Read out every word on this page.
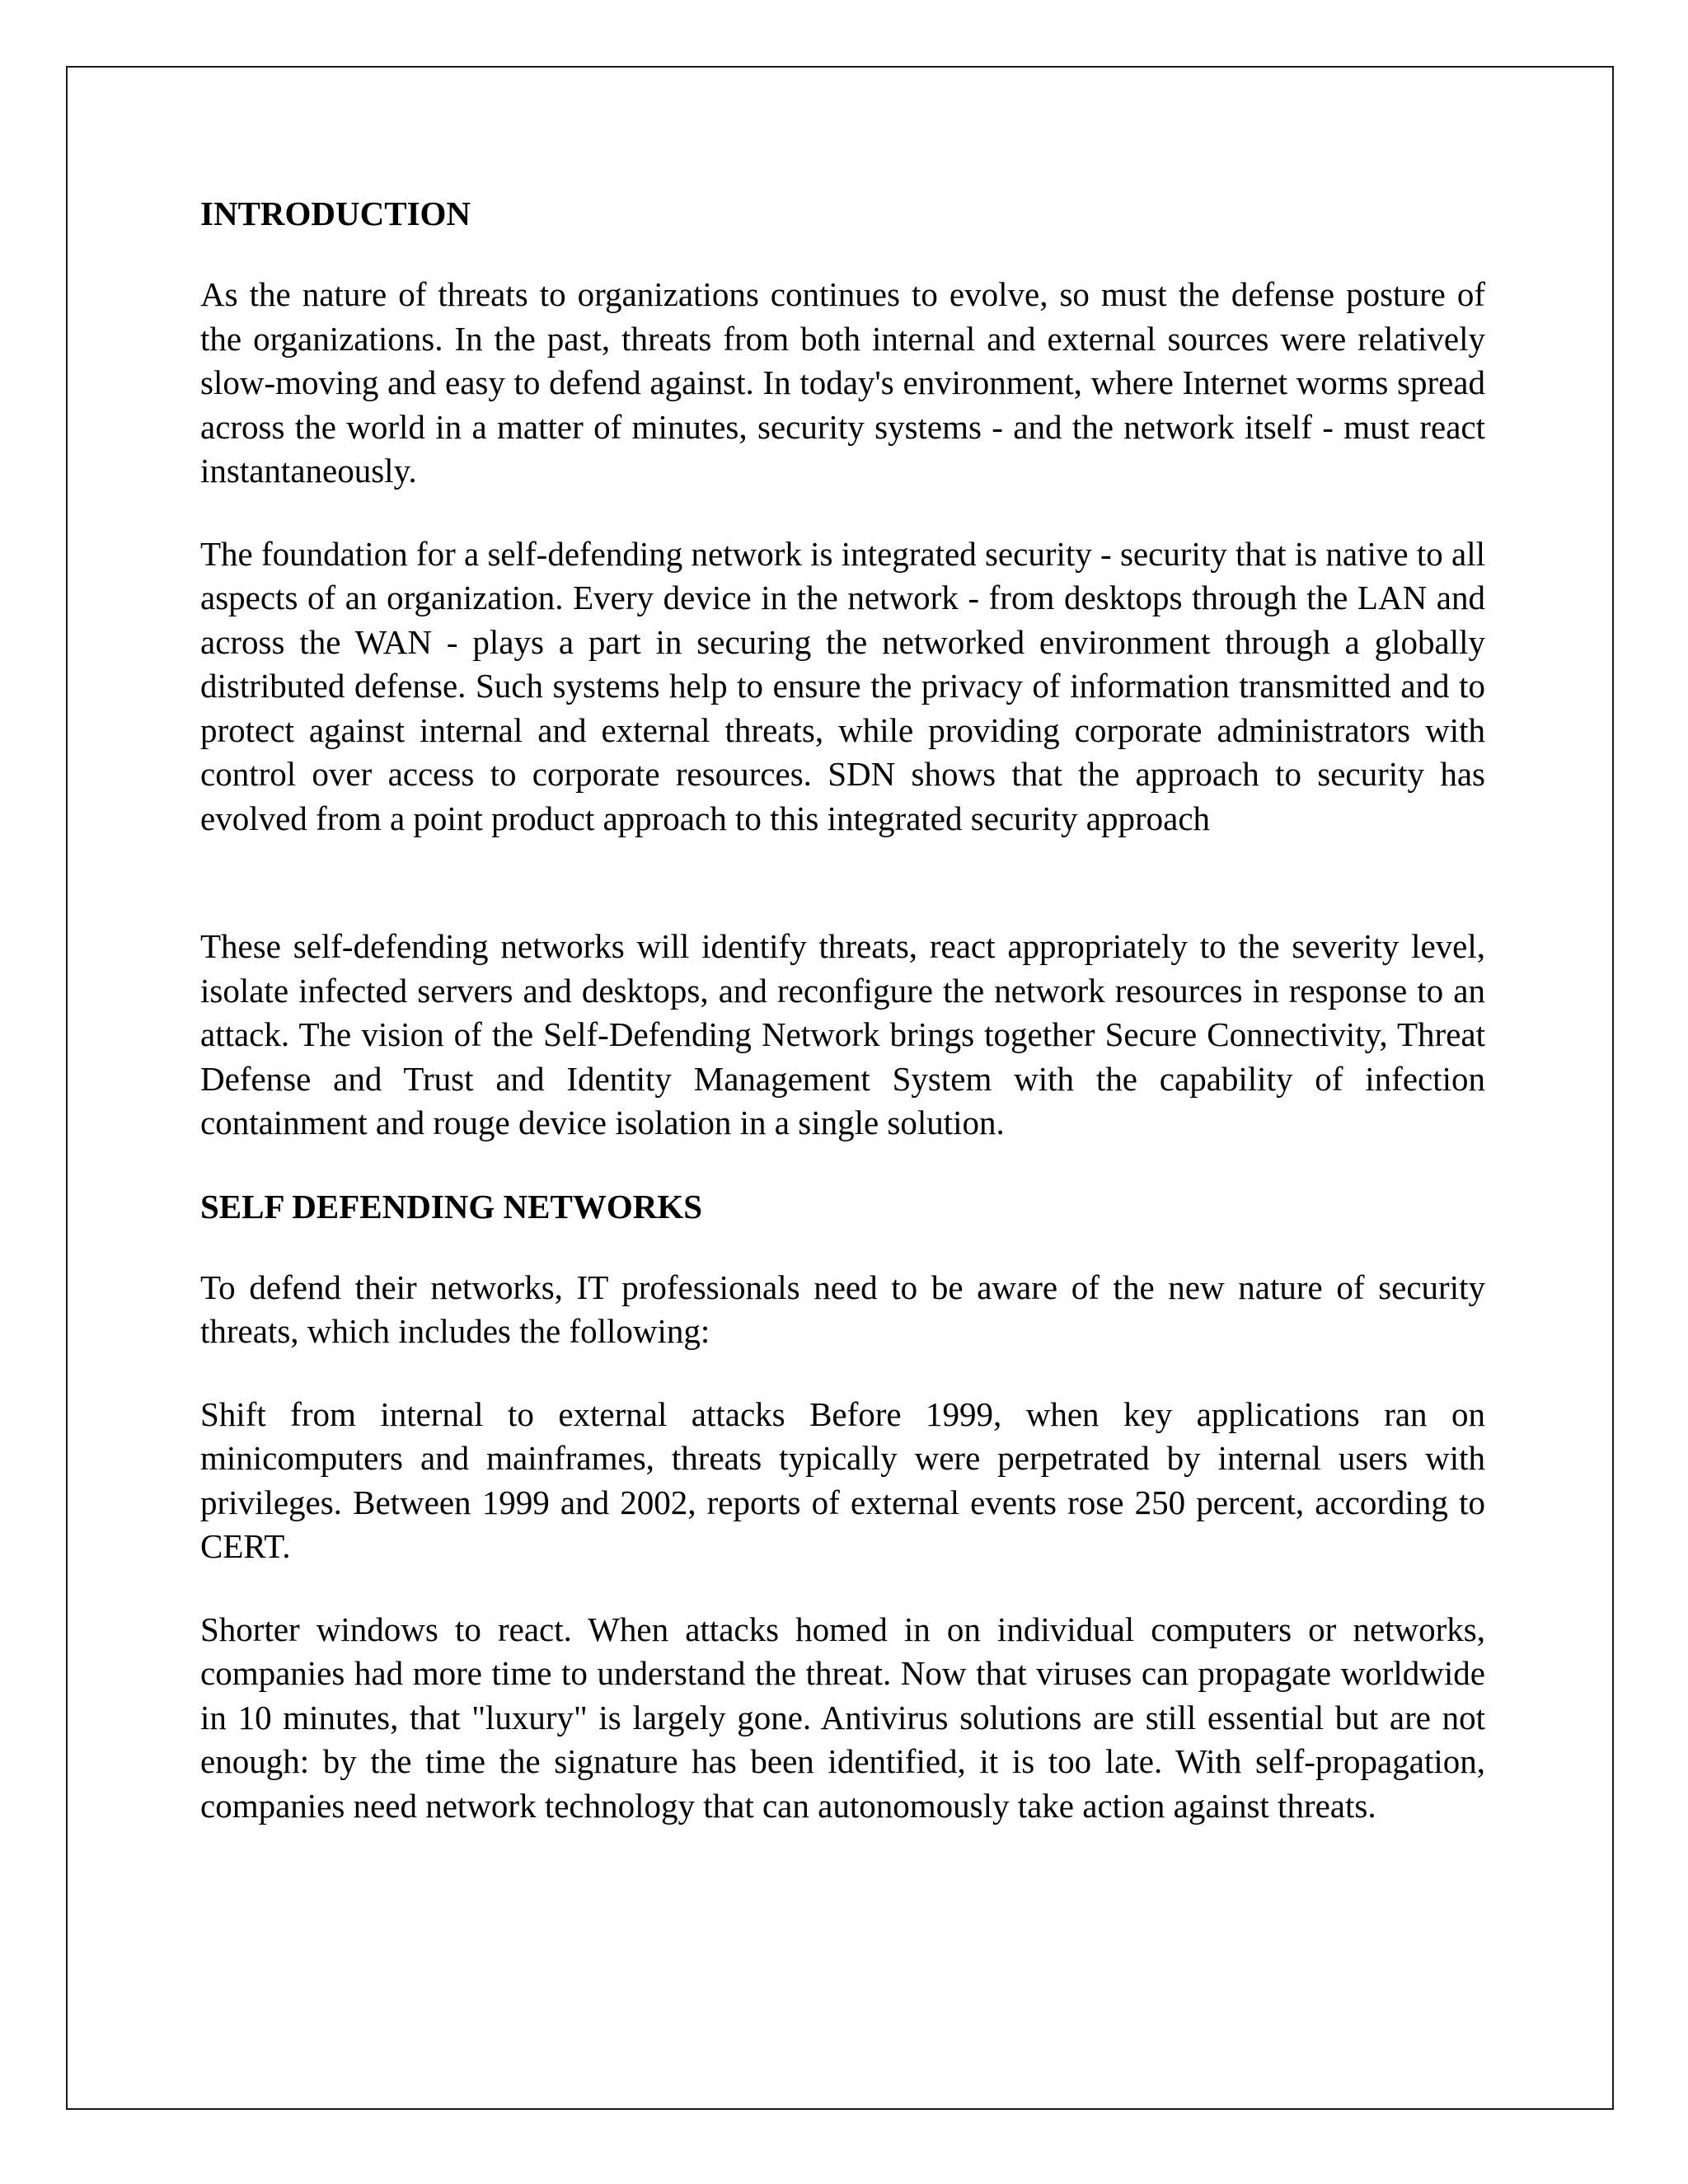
INTRODUCTION

As the nature of threats to organizations continues to evolve, so must the defense posture of the organizations. In the past, threats from both internal and external sources were relatively slow-moving and easy to defend against. In today's environment, where Internet worms spread across the world in a matter of minutes, security systems - and the network itself - must react instantaneously.

The foundation for a self-defending network is integrated security - security that is native to all aspects of an organization. Every device in the network - from desktops through the LAN and across the WAN - plays a part in securing the networked environment through a globally distributed defense. Such systems help to ensure the privacy of information transmitted and to protect against internal and external threats, while providing corporate administrators with control over access to corporate resources. SDN shows that the approach to security has evolved from a point product approach to this integrated security approach

These self-defending networks will identify threats, react appropriately to the severity level, isolate infected servers and desktops, and reconfigure the network resources in response to an attack. The vision of the Self-Defending Network brings together Secure Connectivity, Threat Defense and Trust and Identity Management System with the capability of infection containment and rouge device isolation in a single solution.

SELF DEFENDING NETWORKS

To defend their networks, IT professionals need to be aware of the new nature of security threats, which includes the following:

Shift from internal to external attacks Before 1999, when key applications ran on minicomputers and mainframes, threats typically were perpetrated by internal users with privileges. Between 1999 and 2002, reports of external events rose 250 percent, according to CERT.

Shorter windows to react. When attacks homed in on individual computers or networks, companies had more time to understand the threat. Now that viruses can propagate worldwide in 10 minutes, that "luxury" is largely gone. Antivirus solutions are still essential but are not enough: by the time the signature has been identified, it is too late. With self-propagation, companies need network technology that can autonomously take action against threats.
